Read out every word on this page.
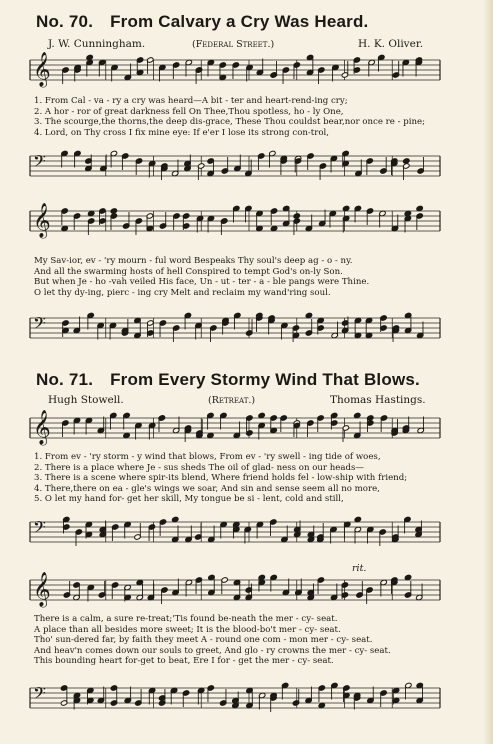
No. 70. From Calvary a Cry Was Heard.
J. W. Cunningham.	(Federal Street.)	H. K. Oliver.
𝄞
1. From Cal - va - ry a cry was heard—A bit - ter and heart-rend-ing cry;
2. A hor - ror of great darkness fell On Thee,Thou spotless, ho - ly One,
3. The scourge,the thorns,the deep dis-grace, These Thou couldst bear,nor once re - pine;
4. Lord, on Thy cross I fix mine eye: If e'er I lose its strong con-trol,
𝄢
𝄞
My Sav-ior, ev - 'ry mourn - ful word Bespeaks Thy soul's deep ag - o - ny.
And all the swarming hosts of hell Conspired to tempt God's on-ly Son.
But when Je - ho -vah veiled His face, Un - ut - ter - a - ble pangs were Thine.
O let thy dy-ing, pierc - ing cry Melt and reclaim my wand'ring soul.
𝄢
No. 71. From Every Stormy Wind That Blows.
Hugh Stowell.	(Retreat.)	Thomas Hastings.
𝄞
1. From ev - 'ry storm - y wind that blows, From ev - 'ry swell - ing tide of woes,
2. There is a place where Je - sus sheds The oil of glad- ness on our heads—
3. There is a scene where spir-its blend, Where friend holds fel - low-ship with friend;
4. There,there on ea - gle's wings we soar, And sin and sense seem all no more,
5. O let my hand for- get her skill, My tongue be si - lent, cold and still,
𝄢
rit.
𝄞
There is a calm, a sure re-treat;'Tis found be-neath the mer - cy- seat.
A place than all besides more sweet; It is the blood-bo't mer - cy- seat.
Tho' sun-dered far, by faith they meet A - round one com - mon mer - cy- seat.
And heav'n comes down our souls to greet, And glo - ry crowns the mer - cy- seat.
This bounding heart for-get to beat, Ere I for - get the mer - cy- seat.
𝄢
